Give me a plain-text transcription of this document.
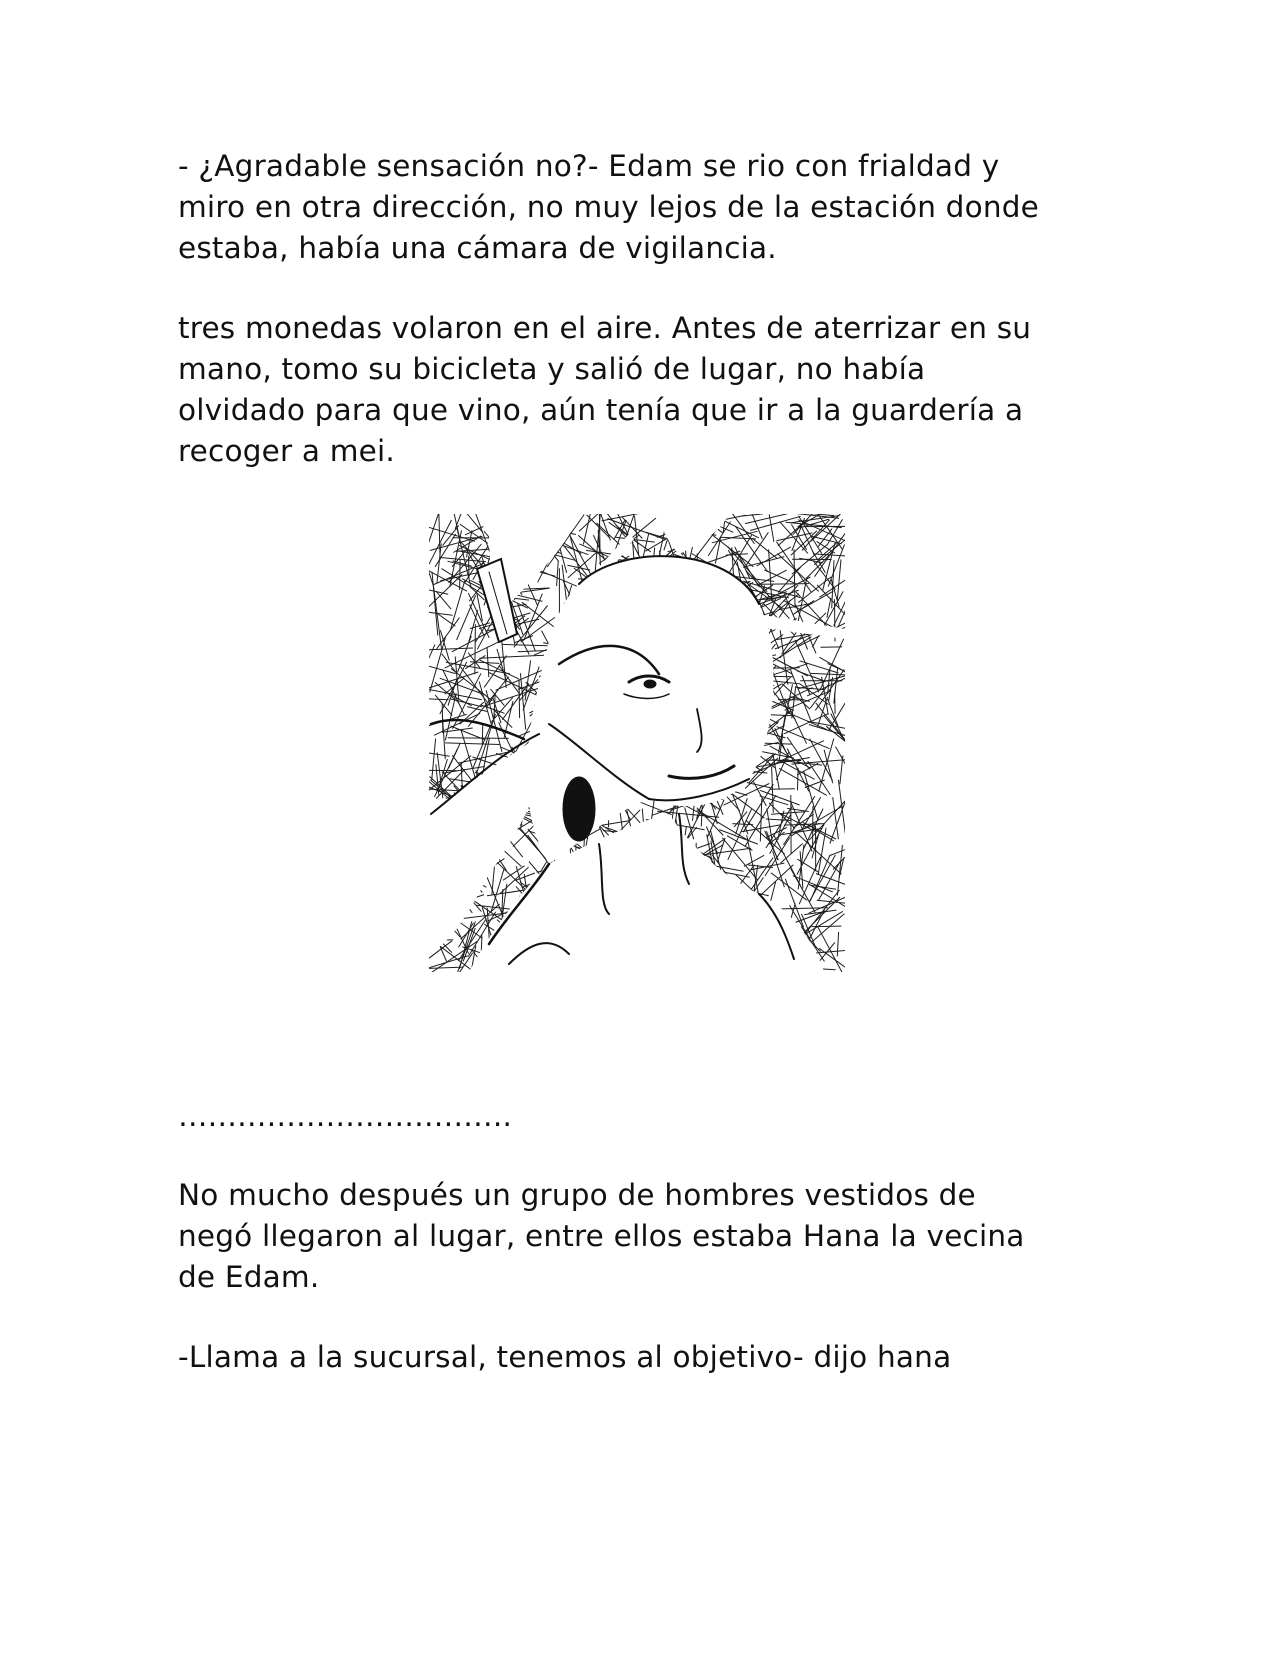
- ¿Agradable sensación no?- Edam se rio con frialdad y
miro en otra dirección, no muy lejos de la estación donde
estaba, había una cámara de vigilancia.
tres monedas volaron en el aire. Antes de aterrizar en su
mano, tomo su bicicleta y salió de lugar, no había
olvidado para que vino, aún tenía que ir a la guardería a
recoger a mei.
…………………………….
No mucho después un grupo de hombres vestidos de
negó llegaron al lugar, entre ellos estaba Hana la vecina
de Edam.
-Llama a la sucursal, tenemos al objetivo- dijo hana
